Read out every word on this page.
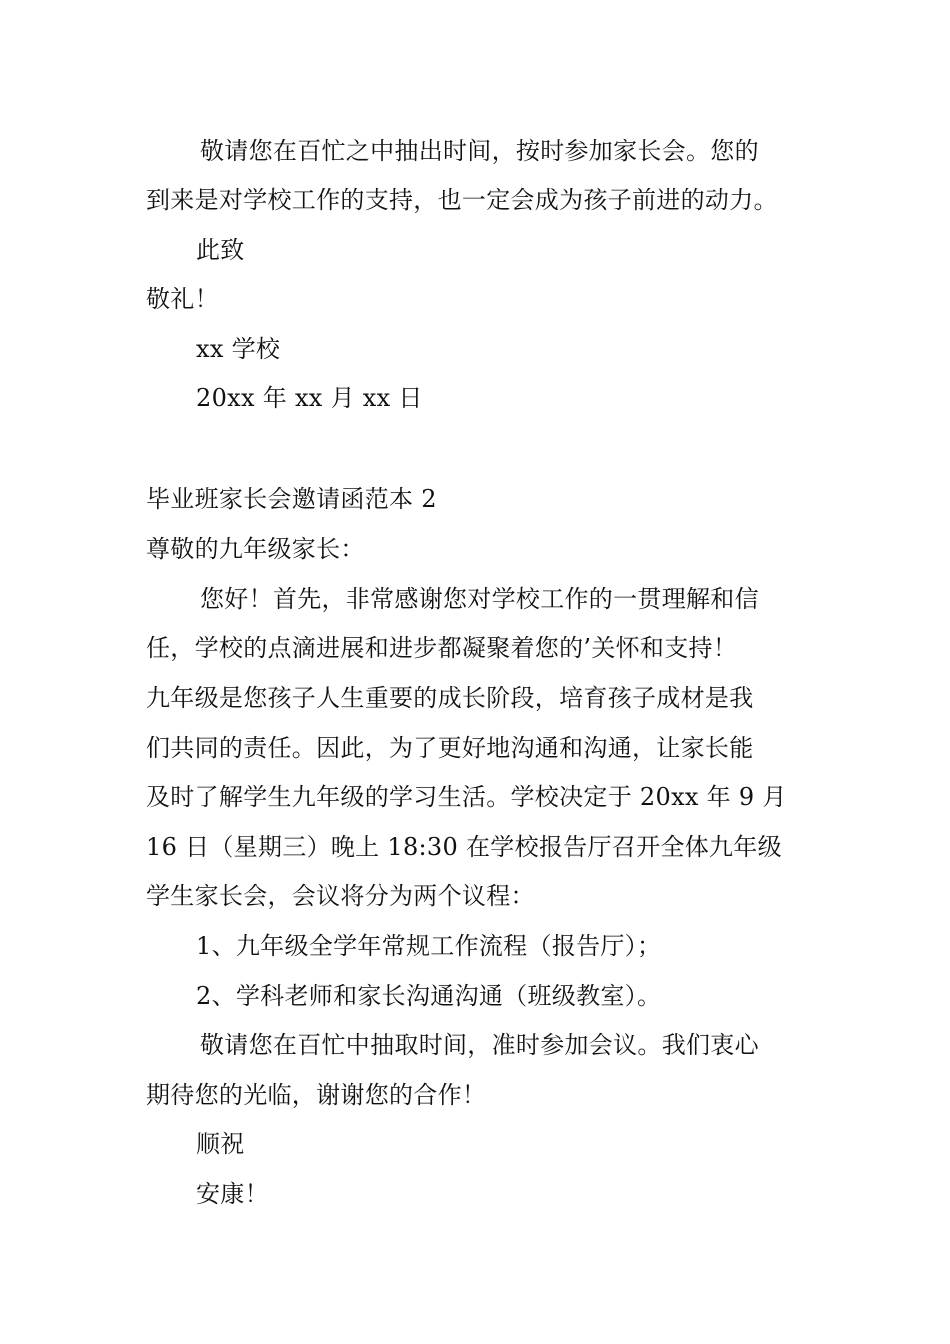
敬请您在百忙之中抽出时间，按时参加家长会。您的
到来是对学校工作的支持，也一定会成为孩子前进的动力。
此致
敬礼！
xx 学校
20xx 年 xx 月 xx 日
毕业班家长会邀请函范本 2
尊敬的九年级家长：
您好！首先，非常感谢您对学校工作的一贯理解和信
任，学校的点滴进展和进步都凝聚着您的’关怀和支持！
九年级是您孩子人生重要的成长阶段，培育孩子成材是我
们共同的责任。因此，为了更好地沟通和沟通，让家长能
及时了解学生九年级的学习生活。学校决定于 20xx 年 9 月
16 日（星期三）晚上 18:30 在学校报告厅召开全体九年级
学生家长会，会议将分为两个议程：
1、九年级全学年常规工作流程（报告厅）；
2、学科老师和家长沟通沟通（班级教室）。
敬请您在百忙中抽取时间，准时参加会议。我们衷心
期待您的光临，谢谢您的合作！
顺祝
安康！
